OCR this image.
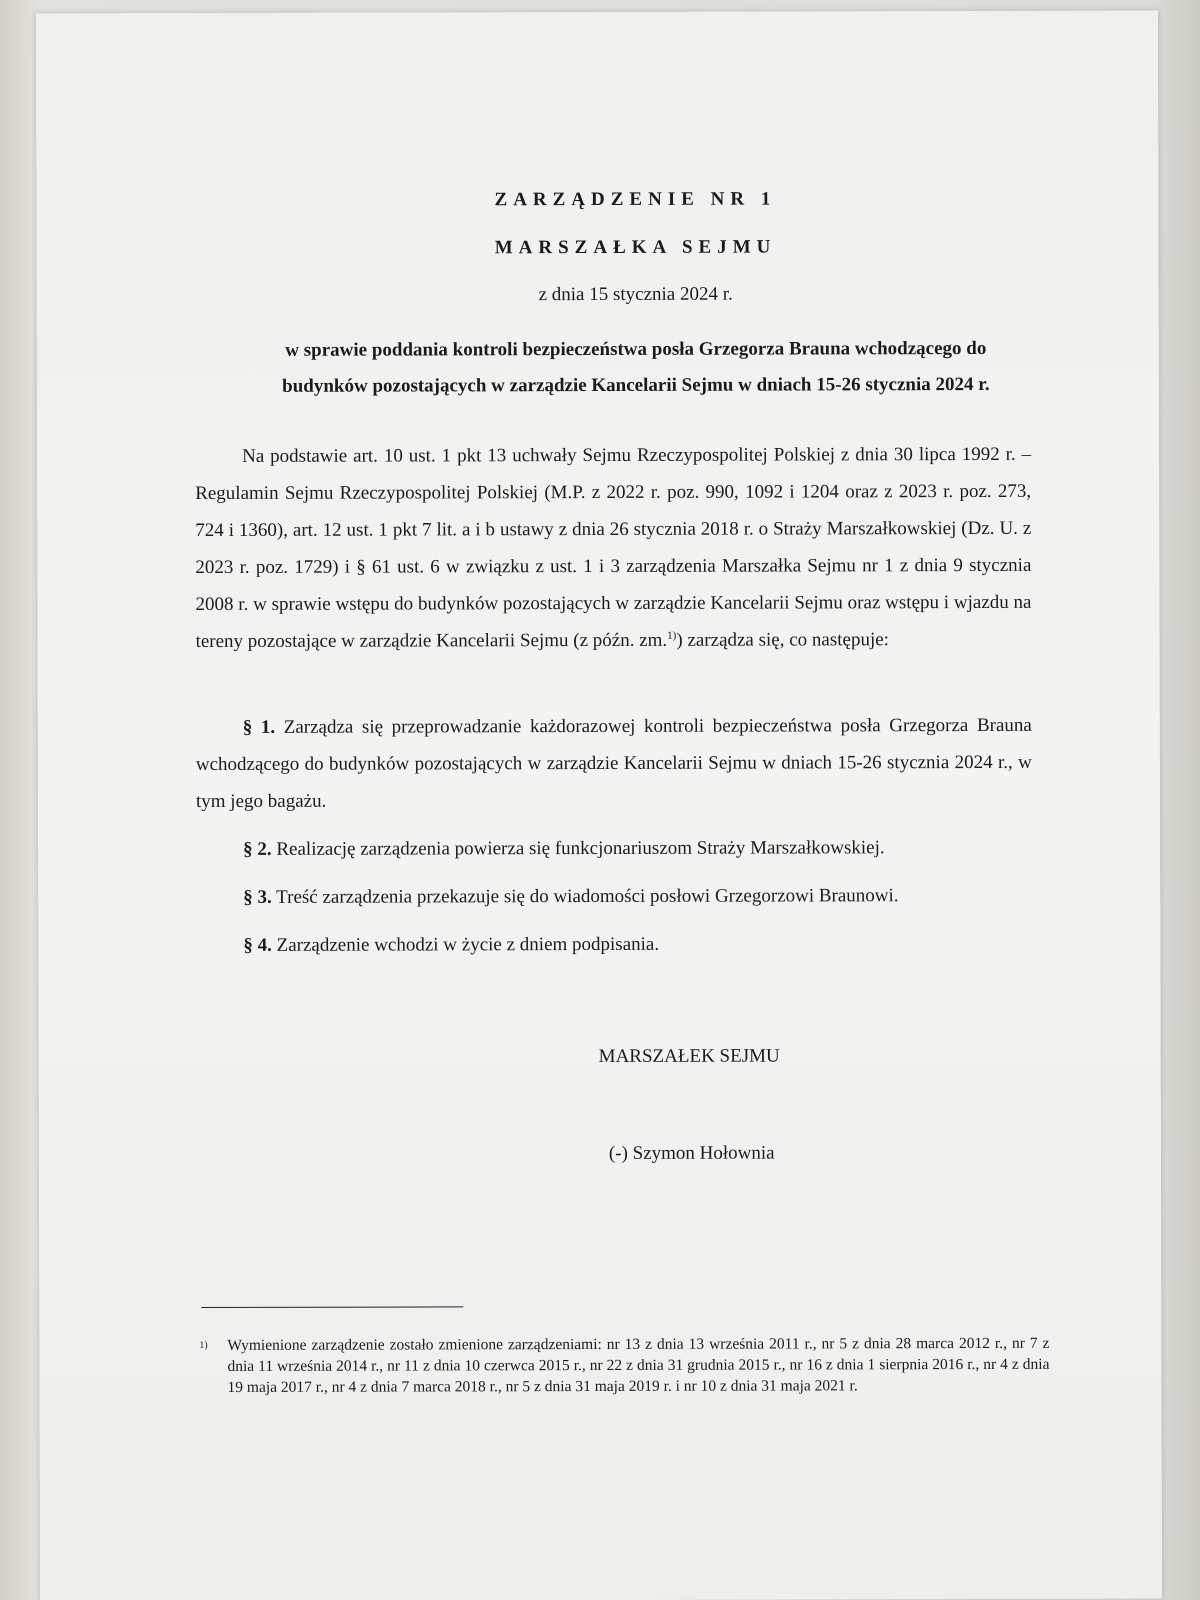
ZARZĄDZENIE NR 1
MARSZAŁKA SEJMU
z dnia 15 stycznia 2024 r.
w sprawie poddania kontroli bezpieczeństwa posła Grzegorza Brauna wchodzącego do
budynków pozostających w zarządzie Kancelarii Sejmu w dniach 15-26 stycznia 2024 r.
Na podstawie art. 10 ust. 1 pkt 13 uchwały Sejmu Rzeczypospolitej Polskiej z dnia 30 lipca 1992 r. – Regulamin Sejmu Rzeczypospolitej Polskiej (M.P. z 2022 r. poz. 990, 1092 i 1204 oraz z 2023 r. poz. 273, 724 i 1360), art. 12 ust. 1 pkt 7 lit. a i b ustawy z dnia 26 stycznia 2018 r. o Straży Marszałkowskiej (Dz. U. z 2023 r. poz. 1729) i § 61 ust. 6 w związku z ust. 1 i 3 zarządzenia Marszałka Sejmu nr 1 z dnia 9 stycznia 2008 r. w sprawie wstępu do budynków pozostających w zarządzie Kancelarii Sejmu oraz wstępu i wjazdu na tereny pozostające w zarządzie Kancelarii Sejmu (z późn. zm.$^{1)}$) zarządza się, co następuje:
§ 1. Zarządza się przeprowadzanie każdorazowej kontroli bezpieczeństwa posła Grzegorza Brauna wchodzącego do budynków pozostających w zarządzie Kancelarii Sejmu w dniach 15-26 stycznia 2024 r., w tym jego bagażu.
§ 2. Realizację zarządzenia powierza się funkcjonariuszom Straży Marszałkowskiej.
§ 3. Treść zarządzenia przekazuje się do wiadomości posłowi Grzegorzowi Braunowi.
§ 4. Zarządzenie wchodzi w życie z dniem podpisania.
MARSZAŁEK SEJMU
(-) Szymon Hołownia
1) Wymienione zarządzenie zostało zmienione zarządzeniami: nr 13 z dnia 13 września 2011 r., nr 5 z dnia 28 marca 2012 r., nr 7 z dnia 11 września 2014 r., nr 11 z dnia 10 czerwca 2015 r., nr 22 z dnia 31 grudnia 2015 r., nr 16 z dnia 1 sierpnia 2016 r., nr 4 z dnia 19 maja 2017 r., nr 4 z dnia 7 marca 2018 r., nr 5 z dnia 31 maja 2019 r. i nr 10 z dnia 31 maja 2021 r.
